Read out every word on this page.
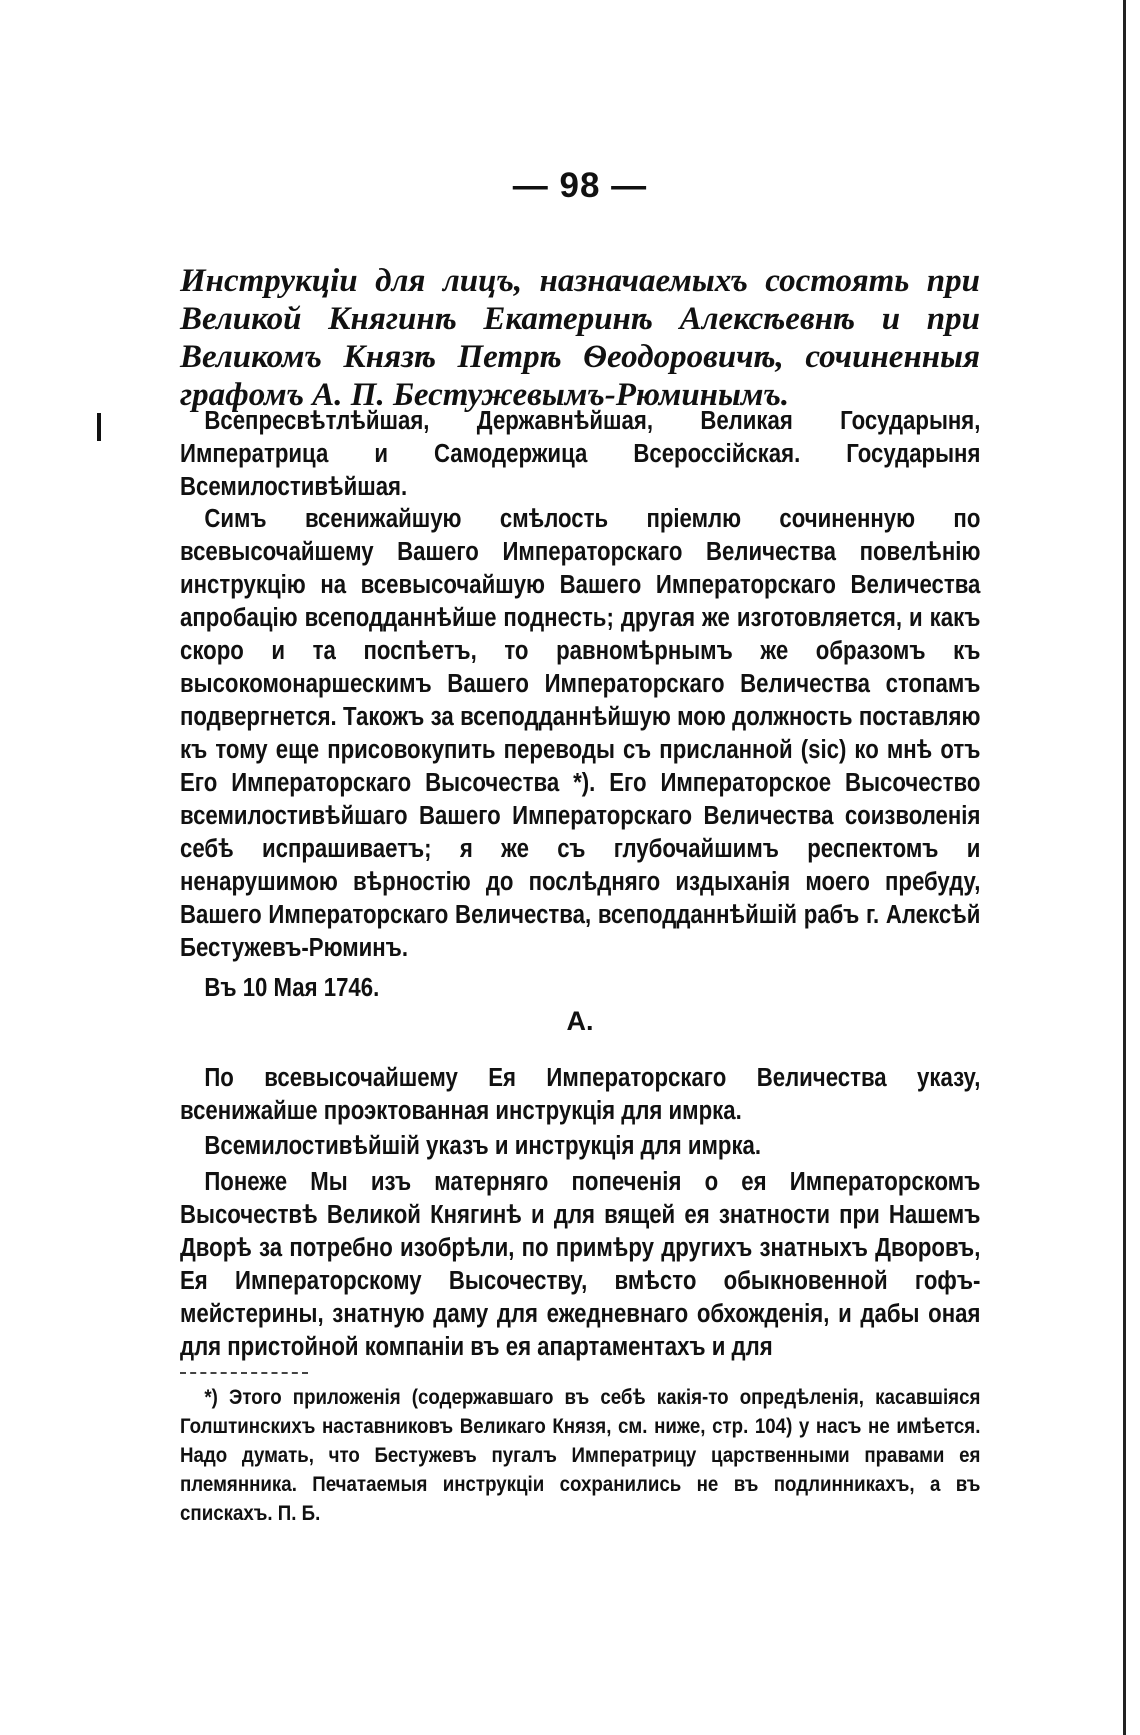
— 98 —

Инструкціи для лицъ, назначаемыхъ состоять при Великой Княгинѣ Екатеринѣ Алексѣевнѣ и при Великомъ Князѣ Петрѣ Ѳеодоровичѣ, сочиненныя графомъ А. П. Бестужевымъ-Рюминымъ.

Всепресвѣтлѣйшая, Державнѣйшая, Великая Государыня, Императрица и Самодержица Всероссійская. Государыня Всемилостивѣйшая.

Симъ всенижайшую смѣлость пріемлю сочиненную по всевысочайшему Вашего Императорскаго Величества повелѣнію инструкцію на всевысочайшую Вашего Императорскаго Величества апробацію всеподданнѣйше поднесть; другая же изготовляется, и какъ скоро и та поспѣетъ, то равномѣрнымъ же образомъ къ высокомонаршескимъ Вашего Императорскаго Величества стопамъ подвергнется. Такожъ за всеподданнѣйшую мою должность поставляю къ тому еще присовокупить переводы съ присланной (sic) ко мнѣ отъ Его Императорскаго Высочества *). Его Императорское Высочество всемилостивѣйшаго Вашего Императорскаго Величества соизволенія себѣ испрашиваетъ; я же съ глубочайшимъ респектомъ и ненарушимою вѣрностію до послѣдняго издыханія моего пребуду, Вашего Императорскаго Величества, всеподданнѣйшій рабъ г. Алексѣй Бестужевъ-Рюминъ.

Въ 10 Мая 1746.

А.

По всевысочайшему Ея Императорскаго Величества указу, всенижайше проэктованная инструкція для имрка.

Всемилостивѣйшій указъ и инструкція для имрка.

Понеже Мы изъ матерняго попеченія о ея Императорскомъ Высочествѣ Великой Княгинѣ и для вящей ея знатности при Нашемъ Дворѣ за потребно изобрѣли, по примѣру другихъ знатныхъ Дворовъ, Ея Императорскому Высочеству, вмѣсто обыкновенной гофъ-мейстерины, знатную даму для ежедневнаго обхожденія, и дабы оная для пристойной компаніи въ ея апартаментахъ и для

*) Этого приложенія (содержавшаго въ себѣ какія-то опредѣленія, касавшіяся Голштинскихъ наставниковъ Великаго Князя, см. ниже, стр. 104) у насъ не имѣется. Надо думать, что Бестужевъ пугалъ Императрицу царственными правами ея племянника. Печатаемыя инструкціи сохранились не въ подлинникахъ, а въ спискахъ. П. Б.
